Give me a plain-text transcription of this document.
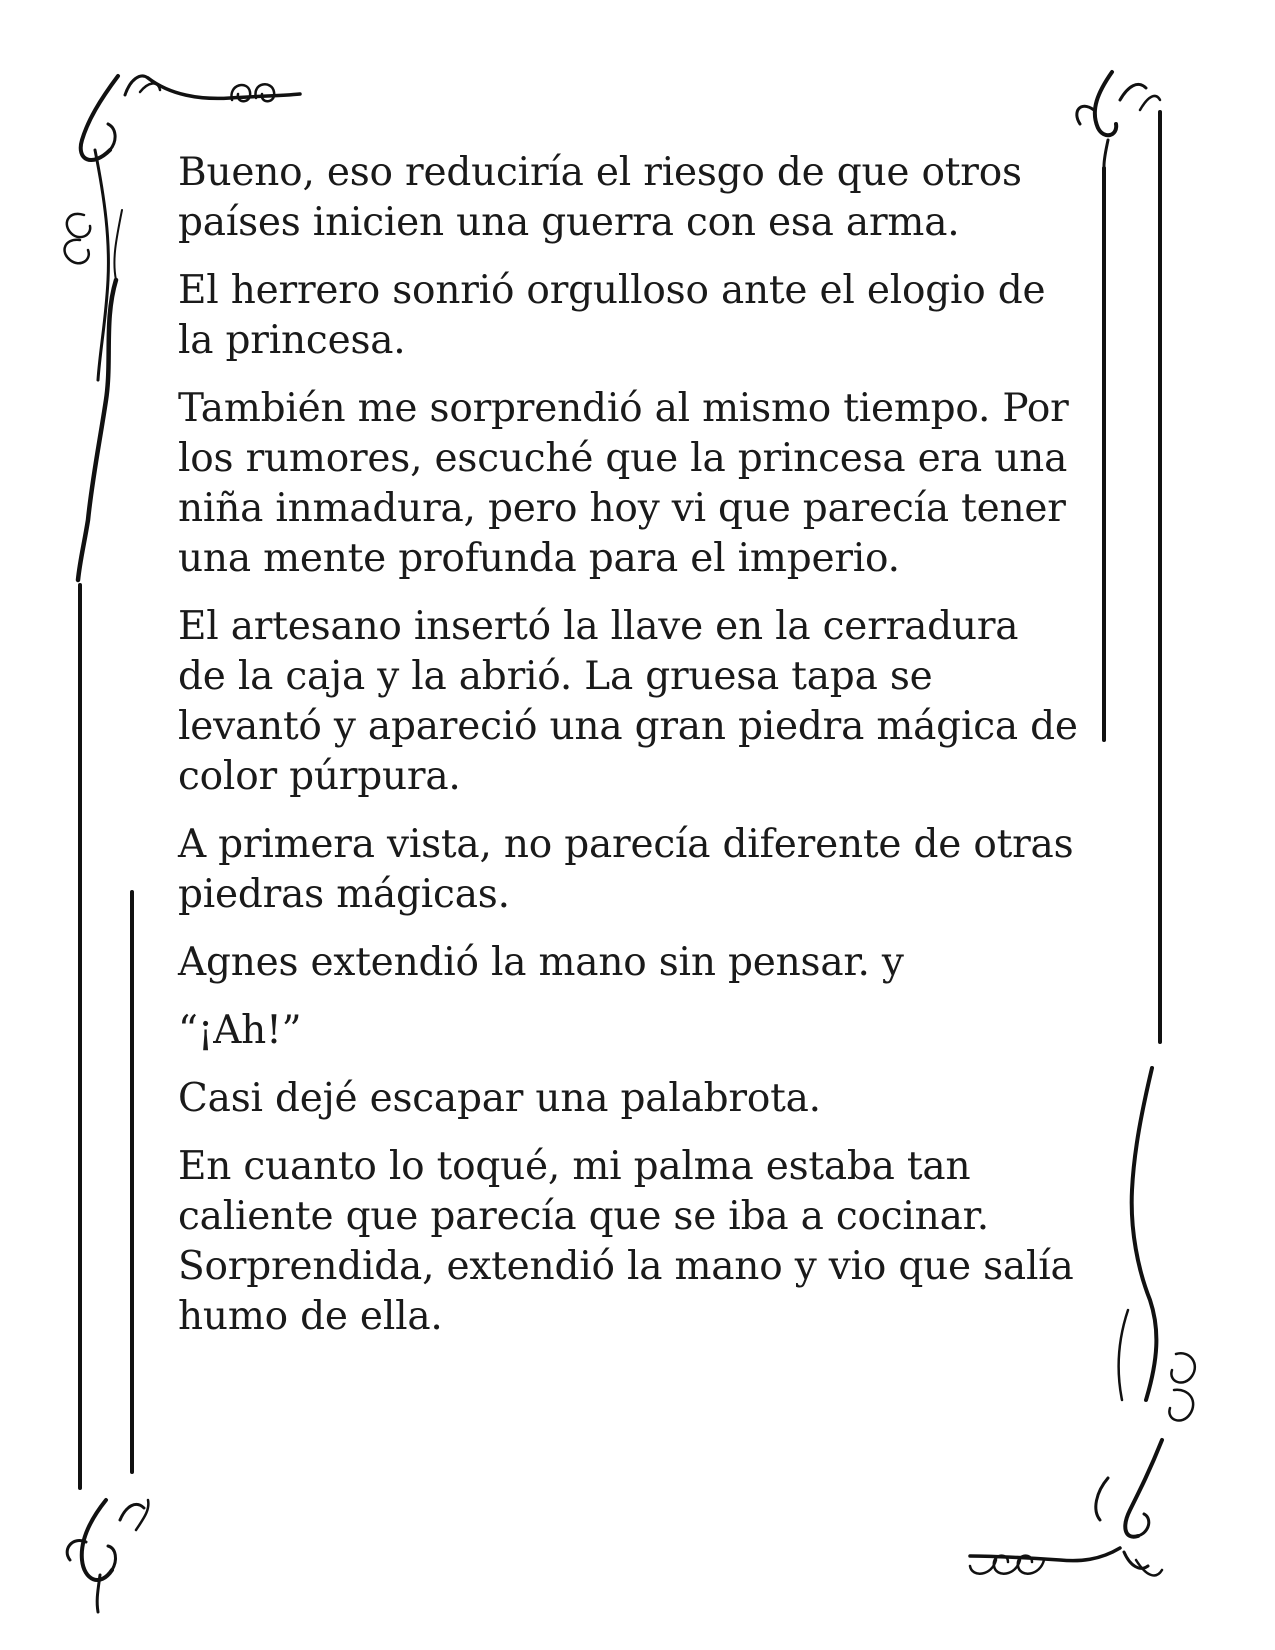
Bueno, eso reduciría el riesgo de que otros países inicien una guerra con esa arma.

El herrero sonrió orgulloso ante el elogio de la princesa.

También me sorprendió al mismo tiempo. Por los rumores, escuché que la princesa era una niña inmadura, pero hoy vi que parecía tener una mente profunda para el imperio.

El artesano insertó la llave en la cerradura de la caja y la abrió. La gruesa tapa se levantó y apareció una gran piedra mágica de color púrpura.

A primera vista, no parecía diferente de otras piedras mágicas.

Agnes extendió la mano sin pensar. y

“¡Ah!”

Casi dejé escapar una palabrota.

En cuanto lo toqué, mi palma estaba tan caliente que parecía que se iba a cocinar. Sorprendida, extendió la mano y vio que salía humo de ella.
